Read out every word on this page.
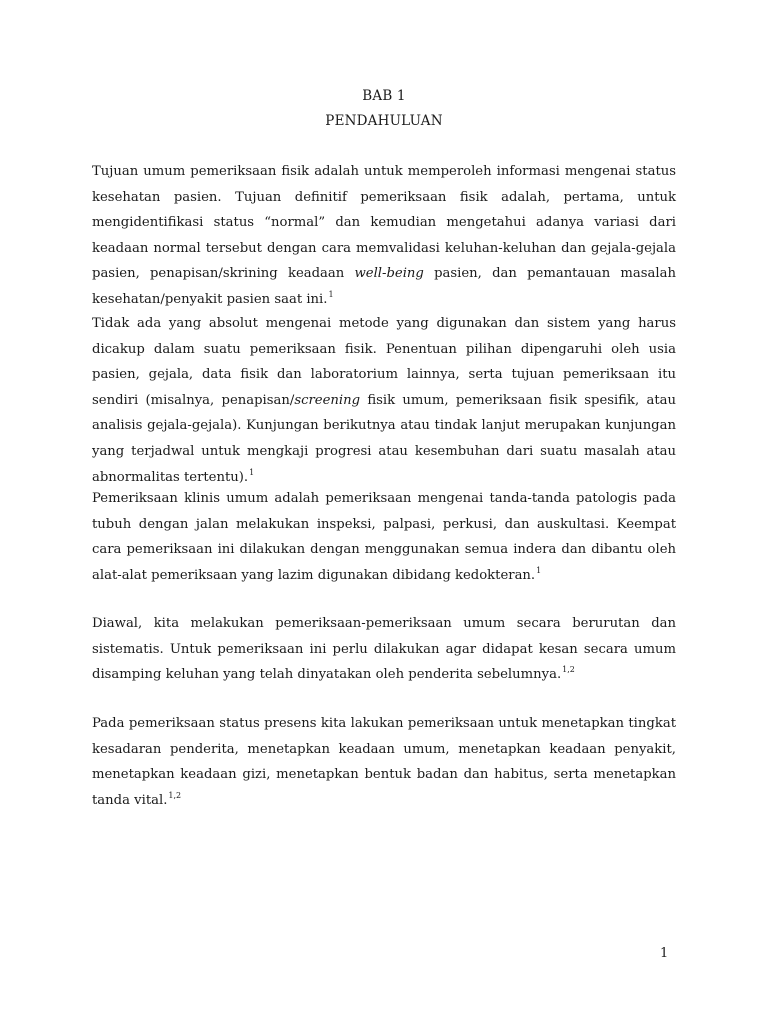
BAB 1
PENDAHULUAN

Tujuan umum pemeriksaan fisik adalah untuk memperoleh informasi mengenai status kesehatan pasien. Tujuan definitif pemeriksaan fisik adalah, pertama, untuk mengidentifikasi status “normal” dan kemudian mengetahui adanya variasi dari keadaan normal tersebut dengan cara memvalidasi keluhan-keluhan dan gejala-gejala pasien, penapisan/skrining keadaan well-being pasien, dan pemantauan masalah kesehatan/penyakit pasien saat ini.$^1$

Tidak ada yang absolut mengenai metode yang digunakan dan sistem yang harus dicakup dalam suatu pemeriksaan fisik. Penentuan pilihan dipengaruhi oleh usia pasien, gejala, data fisik dan laboratorium lainnya, serta tujuan pemeriksaan itu sendiri (misalnya, penapisan/screening fisik umum, pemeriksaan fisik spesifik, atau analisis gejala-gejala). Kunjungan berikutnya atau tindak lanjut merupakan kunjungan yang terjadwal untuk mengkaji progresi atau kesembuhan dari suatu masalah atau abnormalitas tertentu).$^1$

Pemeriksaan klinis umum adalah pemeriksaan mengenai tanda-tanda patologis pada tubuh dengan jalan melakukan inspeksi, palpasi, perkusi, dan auskultasi. Keempat cara pemeriksaan ini dilakukan dengan menggunakan semua indera dan dibantu oleh alat-alat pemeriksaan yang lazim digunakan dibidang kedokteran.$^1$

Diawal, kita melakukan pemeriksaan-pemeriksaan umum secara berurutan dan sistematis. Untuk pemeriksaan ini perlu dilakukan agar didapat kesan secara umum disamping keluhan yang telah dinyatakan oleh penderita sebelumnya.$^{1,2}$

Pada pemeriksaan status presens kita lakukan pemeriksaan untuk menetapkan tingkat kesadaran penderita, menetapkan keadaan umum, menetapkan keadaan penyakit, menetapkan keadaan gizi, menetapkan bentuk badan dan habitus, serta menetapkan tanda vital.$^{1,2}$

1
